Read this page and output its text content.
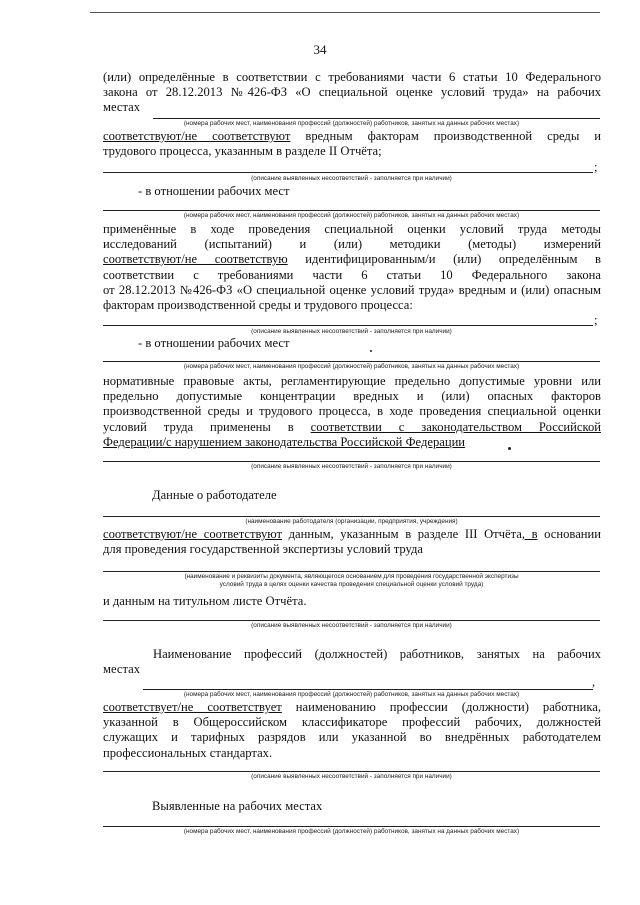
34
(или) определённые в соответствии с требованиями части 6 статьи 10 Федерального
закона от 28.12.2013 №426-ФЗ «О специальной оценке условий труда» на рабочих
местах
(номера рабочих мест, наименования профессий (должностей) работников, занятых на данных рабочих местах)
соответствуют/не соответствуют вредным факторам производственной среды и
трудового процесса, указанным в разделе II Отчёта;
;
(описание выявленных несоответствий - заполняется при наличии)
- в отношении рабочих мест
(номера рабочих мест, наименования профессий (должностей) работников, занятых на данных рабочих местах)
применённые в ходе проведения специальной оценки условий труда методы
исследований (испытаний) и (или) методики (методы) измерений
соответствуют/не соответствую идентифицированным/и (или) определённым в
соответствии с требованиями части 6 статьи 10 Федерального закона
от 28.12.2013 №426-ФЗ «О специальной оценке условий труда» вредным и (или) опасным
факторам производственной среды и трудового процесса:
;
(описание выявленных несоответствий - заполняется при наличии)
- в отношении рабочих мест
(номера рабочих мест, наименования профессий (должностей) работников, занятых на данных рабочих местах)
нормативные правовые акты, регламентирующие предельно допустимые уровни или
предельно допустимые концентрации вредных и (или) опасных факторов
производственной среды и трудового процесса, в ходе проведения специальной оценки
условий труда применены в соответствии с законодательством Российской
Федерации/с нарушением законодательства Российской Федерации
(описание выявленных несоответствий - заполняется при наличии)
Данные о работодателе
(наименование работодателя (организации, предприятия, учреждения)
соответствуют/не соответствуют данным, указанным в разделе III Отчёта, в основании
для проведения государственной экспертизы условий труда
(наименование и реквизиты документа, являющегося основанием для проведения государственной экспертизы
условий труда в целях оценки качества проведения специальной оценки условий труда)
и данным на титульном листе Отчёта.
(описание выявленных несоответствий - заполняется при наличии)
Наименование профессий (должностей) работников, занятых на рабочих
местах
,
(номера рабочих мест, наименования профессий (должностей) работников, занятых на данных рабочих местах)
соответствует/не соответствует наименованию профессии (должности) работника,
указанной в Общероссийском классификаторе профессий рабочих, должностей
служащих и тарифных разрядов или указанной во внедрённых работодателем
профессиональных стандартах.
(описание выявленных несоответствий - заполняется при наличии)
Выявленные на рабочих местах
(номера рабочих мест, наименования профессий (должностей) работников, занятых на данных рабочих местах)
